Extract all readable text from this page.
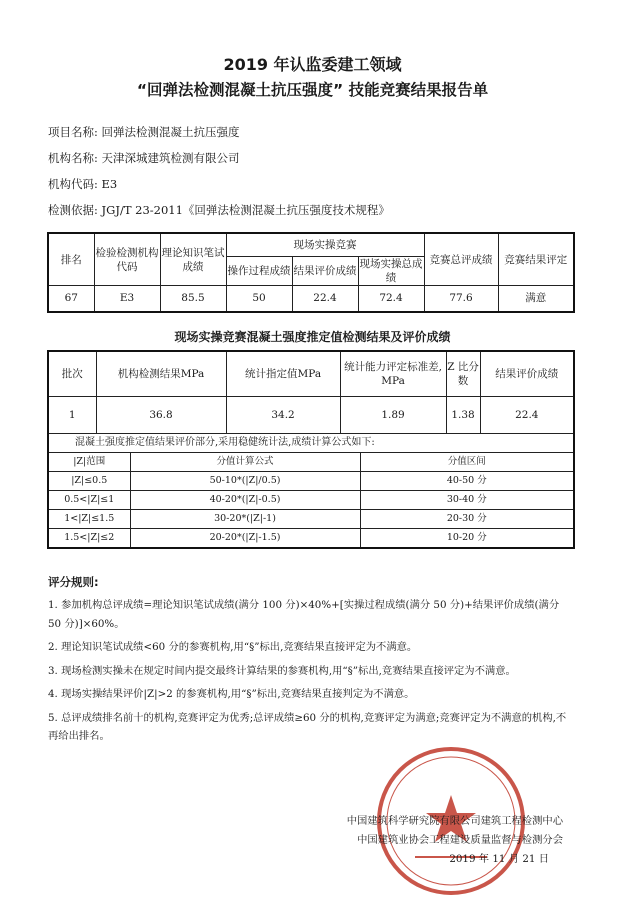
2019 年认监委建工领域
“回弹法检测混凝土抗压强度” 技能竞赛结果报告单
项目名称: 回弹法检测混凝土抗压强度
机构名称: 天津深城建筑检测有限公司
机构代码: E3
检测依据: JGJ/T 23-2011《回弹法检测混凝土抗压强度技术规程》
排名	检验检测机构代码	理论知识笔试成绩	现场实操竞赛			竞赛总评成绩	竞赛结果评定
			操作过程成绩	结果评价成绩	现场实操总成绩		
67	E3	85.5	50	22.4	72.4	77.6	满意
现场实操竞赛混凝土强度推定值检测结果及评价成绩
批次	机构检测结果MPa		统计指定值MPa	统计能力评定标准差, MPa		Z 比分数	结果评价成绩
1	36.8		34.2	1.89		1.38	22.4
混凝土强度推定值结果评价部分,采用稳健统计法,成绩计算公式如下:							
|Z|范围		分值计算公式			分值区间		
|Z|≤0.5		50-10*(|Z|/0.5)			40-50 分		
0.5<|Z|≤1		40-20*(|Z|-0.5)			30-40 分		
1<|Z|≤1.5		30-20*(|Z|-1)			20-30 分		
1.5<|Z|≤2		20-20*(|Z|-1.5)			10-20 分		
评分规则:

1. 参加机构总评成绩=理论知识笔试成绩(满分 100 分)×40%+[实操过程成绩(满分 50 分)+结果评价成绩(满分 50 分)]×60%。

2. 理论知识笔试成绩<60 分的参赛机构,用“§”标出,竞赛结果直接评定为不满意。

3. 现场检测实操未在规定时间内提交最终计算结果的参赛机构,用“§”标出,竞赛结果直接评定为不满意。

4. 现场实操结果评价|Z|>2 的参赛机构,用“§”标出,竞赛结果直接判定为不满意。

5. 总评成绩排名前十的机构,竞赛评定为优秀;总评成绩≥60 分的机构,竞赛评定为满意;竞赛评定为不满意的机构,不再给出排名。

中国建筑科学研究院有限公司建筑工程检测中心
中国建筑业协会工程建设质量监督与检测分会
2019 年 11 月 21 日
